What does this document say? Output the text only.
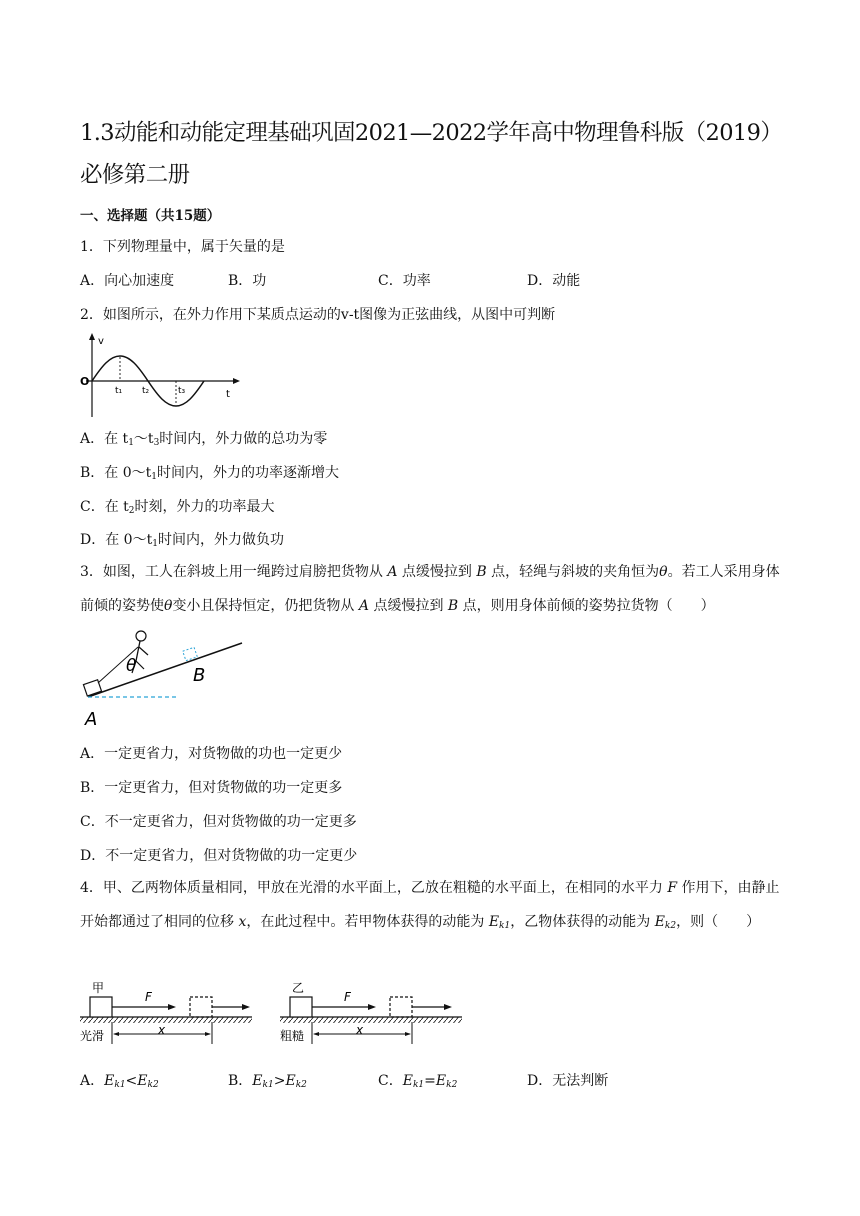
1.3动能和动能定理基础巩固2021—2022学年高中物理鲁科版（2019）必修第二册
一、选择题（共15题）
1．下列物理量中，属于矢量的是
A．向心加速度	B．功	C．功率	D．动能
2．如图所示，在外力作用下某质点运动的v-t图像为正弦曲线，从图中可判断
v
O
t
t₁ t₂	t₃
A．在 $t_1\sim t_3$时间内，外力做的总功为零
B．在 $0\sim t_1$时间内，外力的功率逐渐增大
C．在 $t_2$时刻，外力的功率最大
D．在 $0\sim t_1$时间内，外力做负功
3．如图，工人在斜坡上用一绳跨过肩膀把货物从 A 点缓慢拉到 B 点，轻绳与斜坡的夹角恒为θ。若工人采用身体前倾的姿势使θ变小且保持恒定，仍把货物从 A 点缓慢拉到 B 点，则用身体前倾的姿势拉货物（　　）
θ	B
A
A．一定更省力，对货物做的功也一定更少
B．一定更省力，但对货物做的功一定更多
C．不一定更省力，但对货物做的功一定更多
D．不一定更省力，但对货物做的功一定更少
4．甲、乙两物体质量相同，甲放在光滑的水平面上，乙放在粗糙的水平面上，在相同的水平力 F 作用下，由静止开始都通过了相同的位移 x，在此过程中。若甲物体获得的动能为 $E_{k1}$，乙物体获得的动能为 $E_{k2}$，则（　　）
甲
F
x
光滑
乙
F
x
粗糙
A．$E_{k1}<E_{k2}$	B．$E_{k1}>E_{k2}$	C．$E_{k1}=E_{k2}$	D．无法判断
